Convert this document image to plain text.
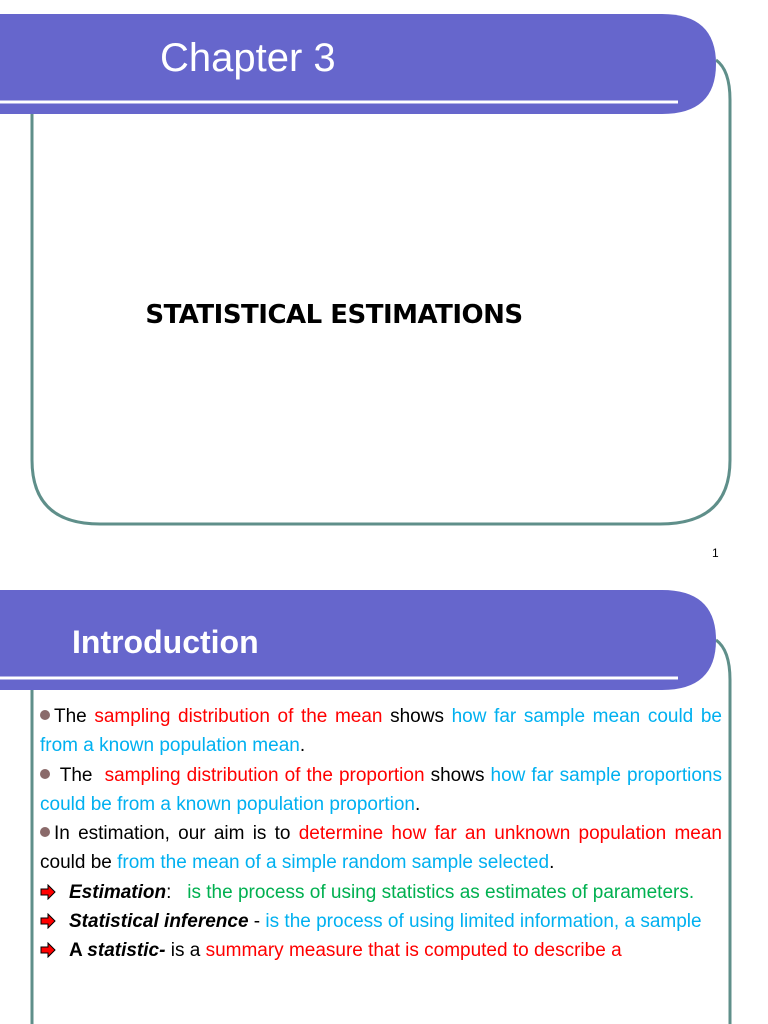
Chapter 3
STATISTICAL ESTIMATIONS
1
Introduction

The sampling distribution of the mean shows how far sample mean could be from a known population mean.

The  sampling distribution of the proportion shows how far sample proportions could be from a known population proportion.

In estimation, our aim is to determine how far an unknown population mean could be from the mean of a simple random sample selected.

Estimation:   is the process of using statistics as estimates of parameters.

Statistical inference - is the process of using limited information, a sample

A statistic- is a summary measure that is computed to describe a
